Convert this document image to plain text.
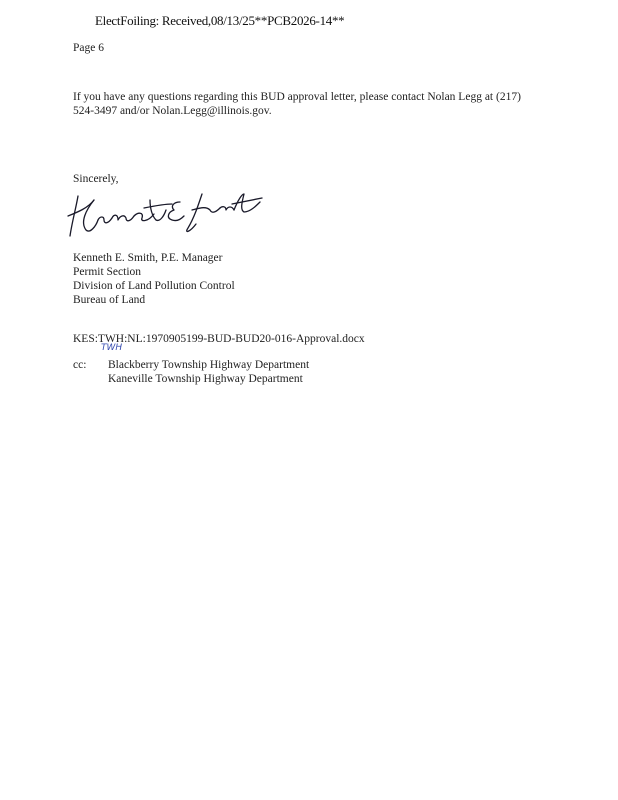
ElectFoiling: Received,08/13/25**PCB2026-14**
Page 6
If you have any questions regarding this BUD approval letter, please contact Nolan Legg at (217)
524-3497 and/or Nolan.Legg@illinois.gov.
Sincerely,
Kenneth E. Smith, P.E. Manager
Permit Section
Division of Land Pollution Control
Bureau of Land
KES:TWH:NL:1970905199-BUD-BUD20-016-Approval.docx
TWH
cc: Blackberry Township Highway Department
Kaneville Township Highway Department
